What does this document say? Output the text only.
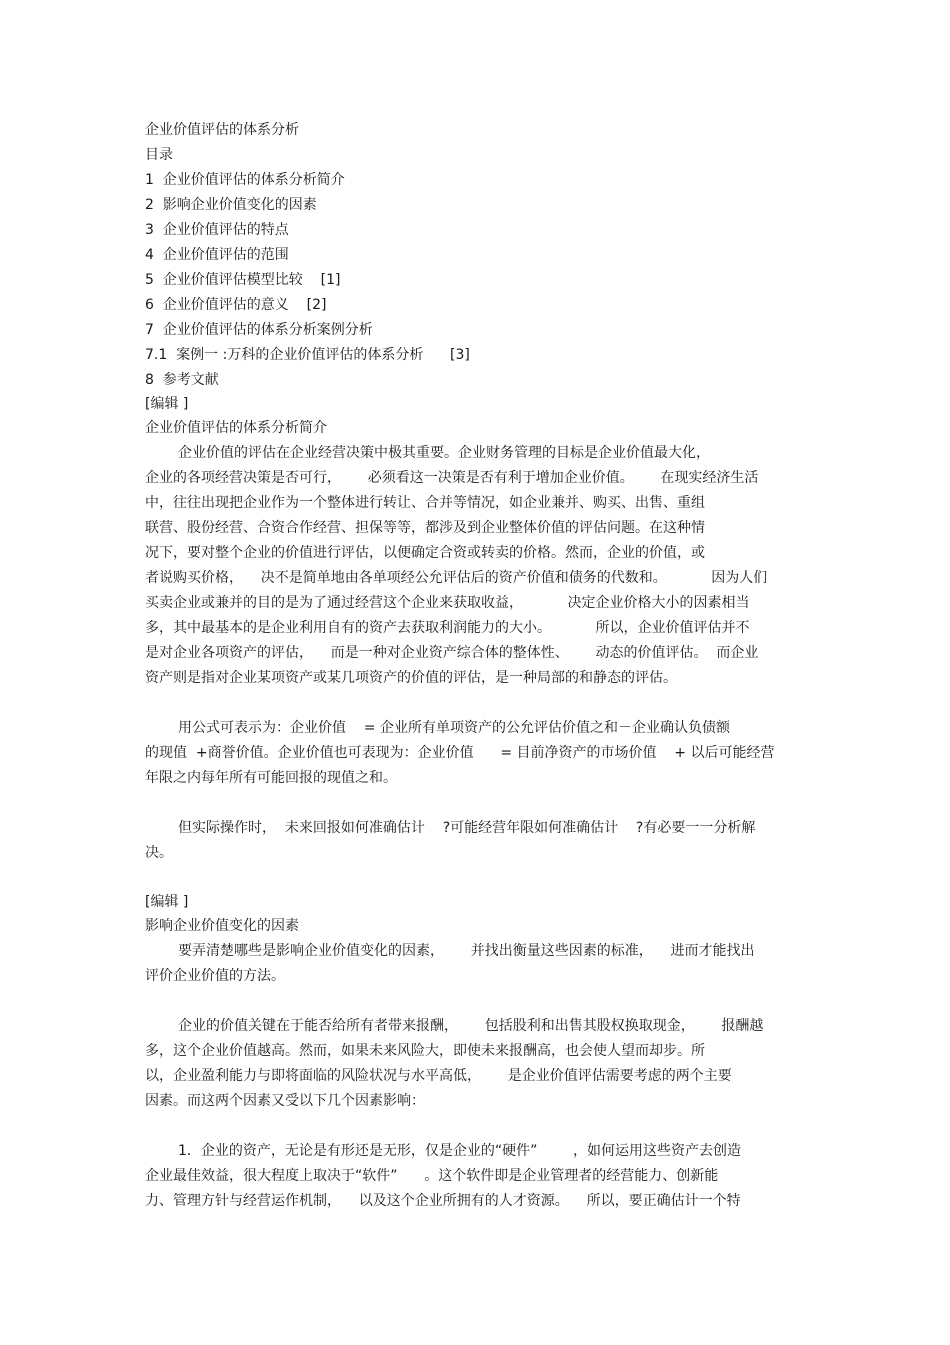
企业价值评估的体系分析
目录
1  企业价值评估的体系分析简介
2  影响企业价值变化的因素
3  企业价值评估的特点
4  企业价值评估的范围
5  企业价值评估模型比较    [1]
6  企业价值评估的意义    [2]
7  企业价值评估的体系分析案例分析
7.1  案例一 :万科的企业价值评估的体系分析      [3]
8  参考文献
[编辑 ]
企业价值评估的体系分析简介
企业价值的评估在企业经营决策中极其重要。企业财务管理的目标是企业价值最大化，
企业的各项经营决策是否可行，      必须看这一决策是否有利于增加企业价值。      在现实经济生活
中，往往出现把企业作为一个整体进行转让、合并等情况，如企业兼并、购买、出售、重组
联营、股份经营、合资合作经营、担保等等，都涉及到企业整体价值的评估问题。在这种情
况下，要对整个企业的价值进行评估，以便确定合资或转卖的价格。然而，企业的价值，或
者说购买价格，    决不是简单地由各单项经公允评估后的资产价值和债务的代数和。          因为人们
买卖企业或兼并的目的是为了通过经营这个企业来获取收益，          决定企业价格大小的因素相当
多，其中最基本的是企业利用自有的资产去获取利润能力的大小。          所以，企业价值评估并不
是对企业各项资产的评估，    而是一种对企业资产综合体的整体性、      动态的价值评估。  而企业
资产则是指对企业某项资产或某几项资产的价值的评估，是一种局部的和静态的评估。
用公式可表示为：企业价值    = 企业所有单项资产的公允评估价值之和－企业确认负债额
的现值  +商誉价值。企业价值也可表现为：企业价值      = 目前净资产的市场价值    + 以后可能经营
年限之内每年所有可能回报的现值之和。
但实际操作时，  未来回报如何准确估计    ?可能经营年限如何准确估计    ?有必要一一分析解
决。
[编辑 ]
影响企业价值变化的因素
要弄清楚哪些是影响企业价值变化的因素，      并找出衡量这些因素的标准，    进而才能找出
评价企业价值的方法。
企业的价值关键在于能否给所有者带来报酬，      包括股利和出售其股权换取现金，      报酬越
多，这个企业价值越高。然而，如果未来风险大，即使未来报酬高，也会使人望而却步。所
以，企业盈利能力与即将面临的风险状况与水平高低，      是企业价值评估需要考虑的两个主要
因素。而这两个因素又受以下几个因素影响：
1．企业的资产，无论是有形还是无形，仅是企业的“硬件”        ，如何运用这些资产去创造
企业最佳效益，很大程度上取决于“软件”      。这个软件即是企业管理者的经营能力、创新能
力、管理方针与经营运作机制，    以及这个企业所拥有的人才资源。    所以，要正确估计一个特
